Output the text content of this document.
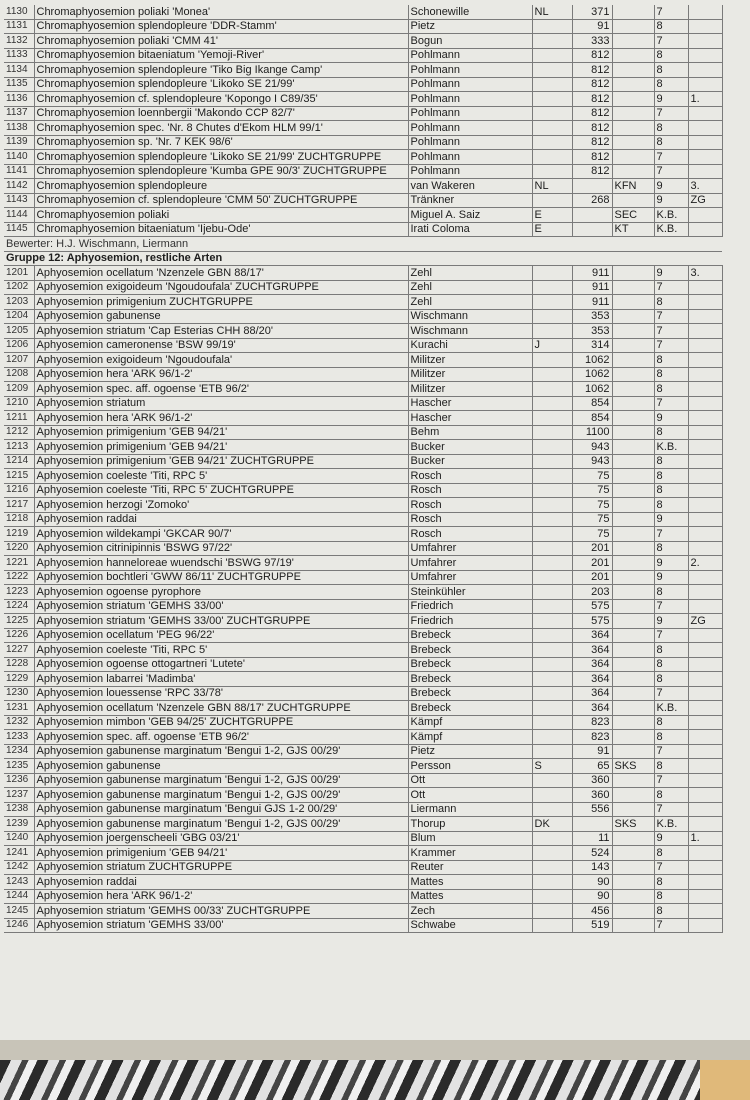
1130	Chromaphyosemion poliaki 'Monea'	Schonewille	NL	371		7	
1131	Chromaphyosemion splendopleure 'DDR-Stamm'	Pietz		91		8	
1132	Chromaphyosemion poliaki 'CMM 41'	Bogun		333		7	
1133	Chromaphyosemion bitaeniatum 'Yemoji-River'	Pohlmann		812		8	
1134	Chromaphyosemion splendopleure 'Tiko Big Ikange Camp'	Pohlmann		812		8	
1135	Chromaphyosemion splendopleure 'Likoko SE 21/99'	Pohlmann		812		8	
1136	Chromaphyosemion cf. splendopleure 'Kopongo I C89/35'	Pohlmann		812		9	1.
1137	Chromaphyosemion loennbergii 'Makondo CCP 82/7'	Pohlmann		812		7	
1138	Chromaphyosemion spec. 'Nr. 8 Chutes d'Ekom HLM 99/1'	Pohlmann		812		8	
1139	Chromaphyosemion sp. 'Nr. 7 KEK 98/6'	Pohlmann		812		8	
1140	Chromaphyosemion splendopleure 'Likoko SE 21/99' ZUCHTGRUPPE	Pohlmann		812		7	
1141	Chromaphyosemion splendopleure 'Kumba GPE 90/3' ZUCHTGRUPPE	Pohlmann		812		7	
1142	Chromaphyosemion splendopleure	van Wakeren	NL		KFN	9	3.
1143	Chromaphyosemion cf. splendopleure 'CMM 50' ZUCHTGRUPPE	Tränkner		268		9	ZG
1144	Chromaphyosemion poliaki	Miguel A. Saiz	E		SEC	K.B.	
1145	Chromaphyosemion bitaeniatum 'Ijebu-Ode'	Irati Coloma	E		KT	K.B.	
Bewerter: H.J. Wischmann, Liermann							
Gruppe 12: Aphyosemion, restliche Arten							
1201	Aphyosemion ocellatum 'Nzenzele GBN 88/17'	Zehl		911		9	3.
1202	Aphyosemion exigoideum 'Ngoudoufala' ZUCHTGRUPPE	Zehl		911		7	
1203	Aphyosemion primigenium ZUCHTGRUPPE	Zehl		911		8	
1204	Aphyosemion gabunense	Wischmann		353		7	
1205	Aphyosemion striatum 'Cap Esterias CHH 88/20'	Wischmann		353		7	
1206	Aphyosemion cameronense 'BSW 99/19'	Kurachi	J	314		7	
1207	Aphyosemion exigoideum 'Ngoudoufala'	Militzer		1062		8	
1208	Aphyosemion hera 'ARK 96/1-2'	Militzer		1062		8	
1209	Aphyosemion spec. aff. ogoense 'ETB 96/2'	Militzer		1062		8	
1210	Aphyosemion striatum	Hascher		854		7	
1211	Aphyosemion hera 'ARK 96/1-2'	Hascher		854		9	
1212	Aphyosemion primigenium 'GEB 94/21'	Behm		1100		8	
1213	Aphyosemion primigenium 'GEB 94/21'	Bucker		943		K.B.	
1214	Aphyosemion primigenium 'GEB 94/21' ZUCHTGRUPPE	Bucker		943		8	
1215	Aphyosemion coeleste 'Titi, RPC 5'	Rosch		75		8	
1216	Aphyosemion coeleste 'Titi, RPC 5' ZUCHTGRUPPE	Rosch		75		8	
1217	Aphyosemion herzogi 'Zomoko'	Rosch		75		8	
1218	Aphyosemion raddai	Rosch		75		9	
1219	Aphyosemion wildekampi 'GKCAR 90/7'	Rosch		75		7	
1220	Aphyosemion citrinipinnis 'BSWG 97/22'	Umfahrer		201		8	
1221	Aphyosemion hanneloreae wuendschi 'BSWG 97/19'	Umfahrer		201		9	2.
1222	Aphyosemion bochtleri 'GWW 86/11' ZUCHTGRUPPE	Umfahrer		201		9	
1223	Aphyosemion ogoense pyrophore	Steinkühler		203		8	
1224	Aphyosemion striatum 'GEMHS 33/00'	Friedrich		575		7	
1225	Aphyosemion striatum 'GEMHS 33/00' ZUCHTGRUPPE	Friedrich		575		9	ZG
1226	Aphyosemion ocellatum 'PEG 96/22'	Brebeck		364		7	
1227	Aphyosemion coeleste 'Titi, RPC 5'	Brebeck		364		8	
1228	Aphyosemion ogoense ottogartneri 'Lutete'	Brebeck		364		8	
1229	Aphyosemion labarrei 'Madimba'	Brebeck		364		8	
1230	Aphyosemion louessense 'RPC 33/78'	Brebeck		364		7	
1231	Aphyosemion ocellatum 'Nzenzele GBN 88/17' ZUCHTGRUPPE	Brebeck		364		K.B.	
1232	Aphyosemion mimbon 'GEB 94/25' ZUCHTGRUPPE	Kämpf		823		8	
1233	Aphyosemion spec. aff. ogoense 'ETB 96/2'	Kämpf		823		8	
1234	Aphyosemion gabunense marginatum 'Bengui 1-2, GJS 00/29'	Pietz		91		7	
1235	Aphyosemion gabunense	Persson	S	65	SKS	8	
1236	Aphyosemion gabunense marginatum 'Bengui 1-2, GJS 00/29'	Ott		360		7	
1237	Aphyosemion gabunense marginatum 'Bengui 1-2, GJS 00/29'	Ott		360		8	
1238	Aphyosemion gabunense marginatum 'Bengui GJS 1-2 00/29'	Liermann		556		7	
1239	Aphyosemion gabunense marginatum 'Bengui 1-2, GJS 00/29'	Thorup	DK		SKS	K.B.	
1240	Aphyosemion joergenscheeli 'GBG 03/21'	Blum		11		9	1.
1241	Aphyosemion primigenium 'GEB 94/21'	Krammer		524		8	
1242	Aphyosemion striatum ZUCHTGRUPPE	Reuter		143		7	
1243	Aphyosemion raddai	Mattes		90		8	
1244	Aphyosemion hera 'ARK 96/1-2'	Mattes		90		8	
1245	Aphyosemion striatum 'GEMHS 00/33' ZUCHTGRUPPE	Zech		456		8	
1246	Aphyosemion striatum 'GEMHS 33/00'	Schwabe		519		7	
